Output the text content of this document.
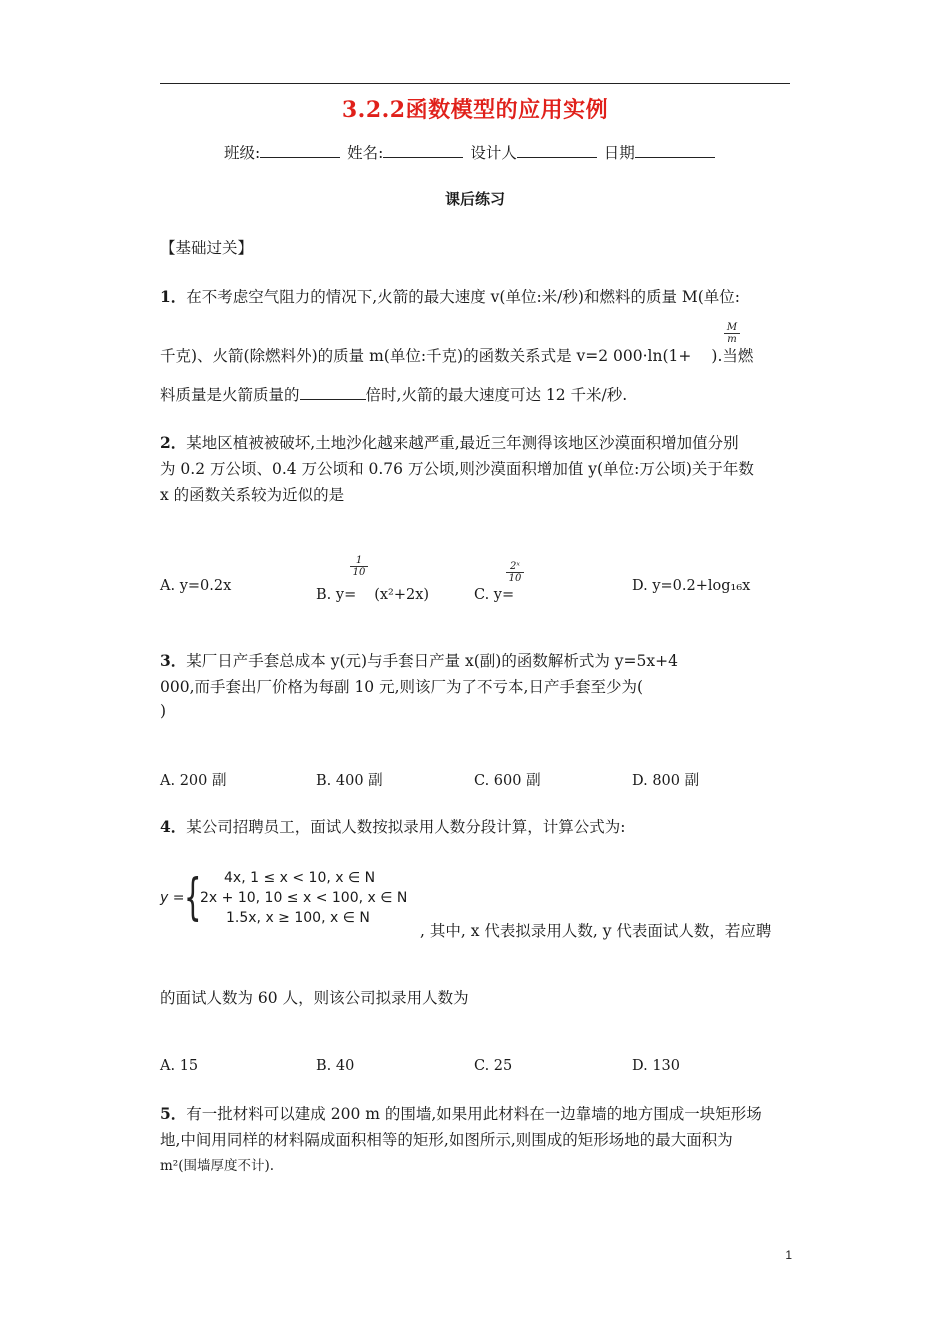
3.2.2函数模型的应用实例
班级:	姓名:	设计人	日期
课后练习
【基础过关】
1．在不考虑空气阻力的情况下,火箭的最大速度 v(单位:米/秒)和燃料的质量 M(单位:
$\frac{M}{m}$
千克)、火箭(除燃料外)的质量 m(单位:千克)的函数关系式是 v=2 000·ln(1+ ).当燃
料质量是火箭质量的	倍时,火箭的最大速度可达 12 千米/秒.
2．某地区植被被破坏,土地沙化越来越严重,最近三年测得该地区沙漠面积增加值分别
为 0.2 万公顷、0.4 万公顷和 0.76 万公顷,则沙漠面积增加值 y(单位:万公顷)关于年数
x 的函数关系较为近似的是
A. y=0.2x
$\frac{1}{10}$
B. y= (x²+2x)
$\frac{\text{2ˣ}}{10}$
C. y=
D. y=0.2+log₁₆x
3．某厂日产手套总成本 y(元)与手套日产量 x(副)的函数解析式为 y=5x+4
000,而手套出厂价格为每副 10 元,则该厂为了不亏本,日产手套至少为(
)
A. 200 副	B. 400 副	C. 600 副	D. 800 副
4．某公司招聘员工，面试人数按拟录用人数分段计算，计算公式为:
y = { 4x, 1 ≤ x < 10, x ∈ N
2x + 10, 10 ≤ x < 100, x ∈ N
1.5x, x ≥ 100, x ∈ N
, 其中, x 代表拟录用人数, y 代表面试人数，若应聘
的面试人数为 60 人，则该公司拟录用人数为
A. 15	B. 40	C. 25	D. 130
5．有一批材料可以建成 200 m 的围墙,如果用此材料在一边靠墙的地方围成一块矩形场
地,中间用同样的材料隔成面积相等的矩形,如图所示,则围成的矩形场地的最大面积为
m²(围墙厚度不计).
1
